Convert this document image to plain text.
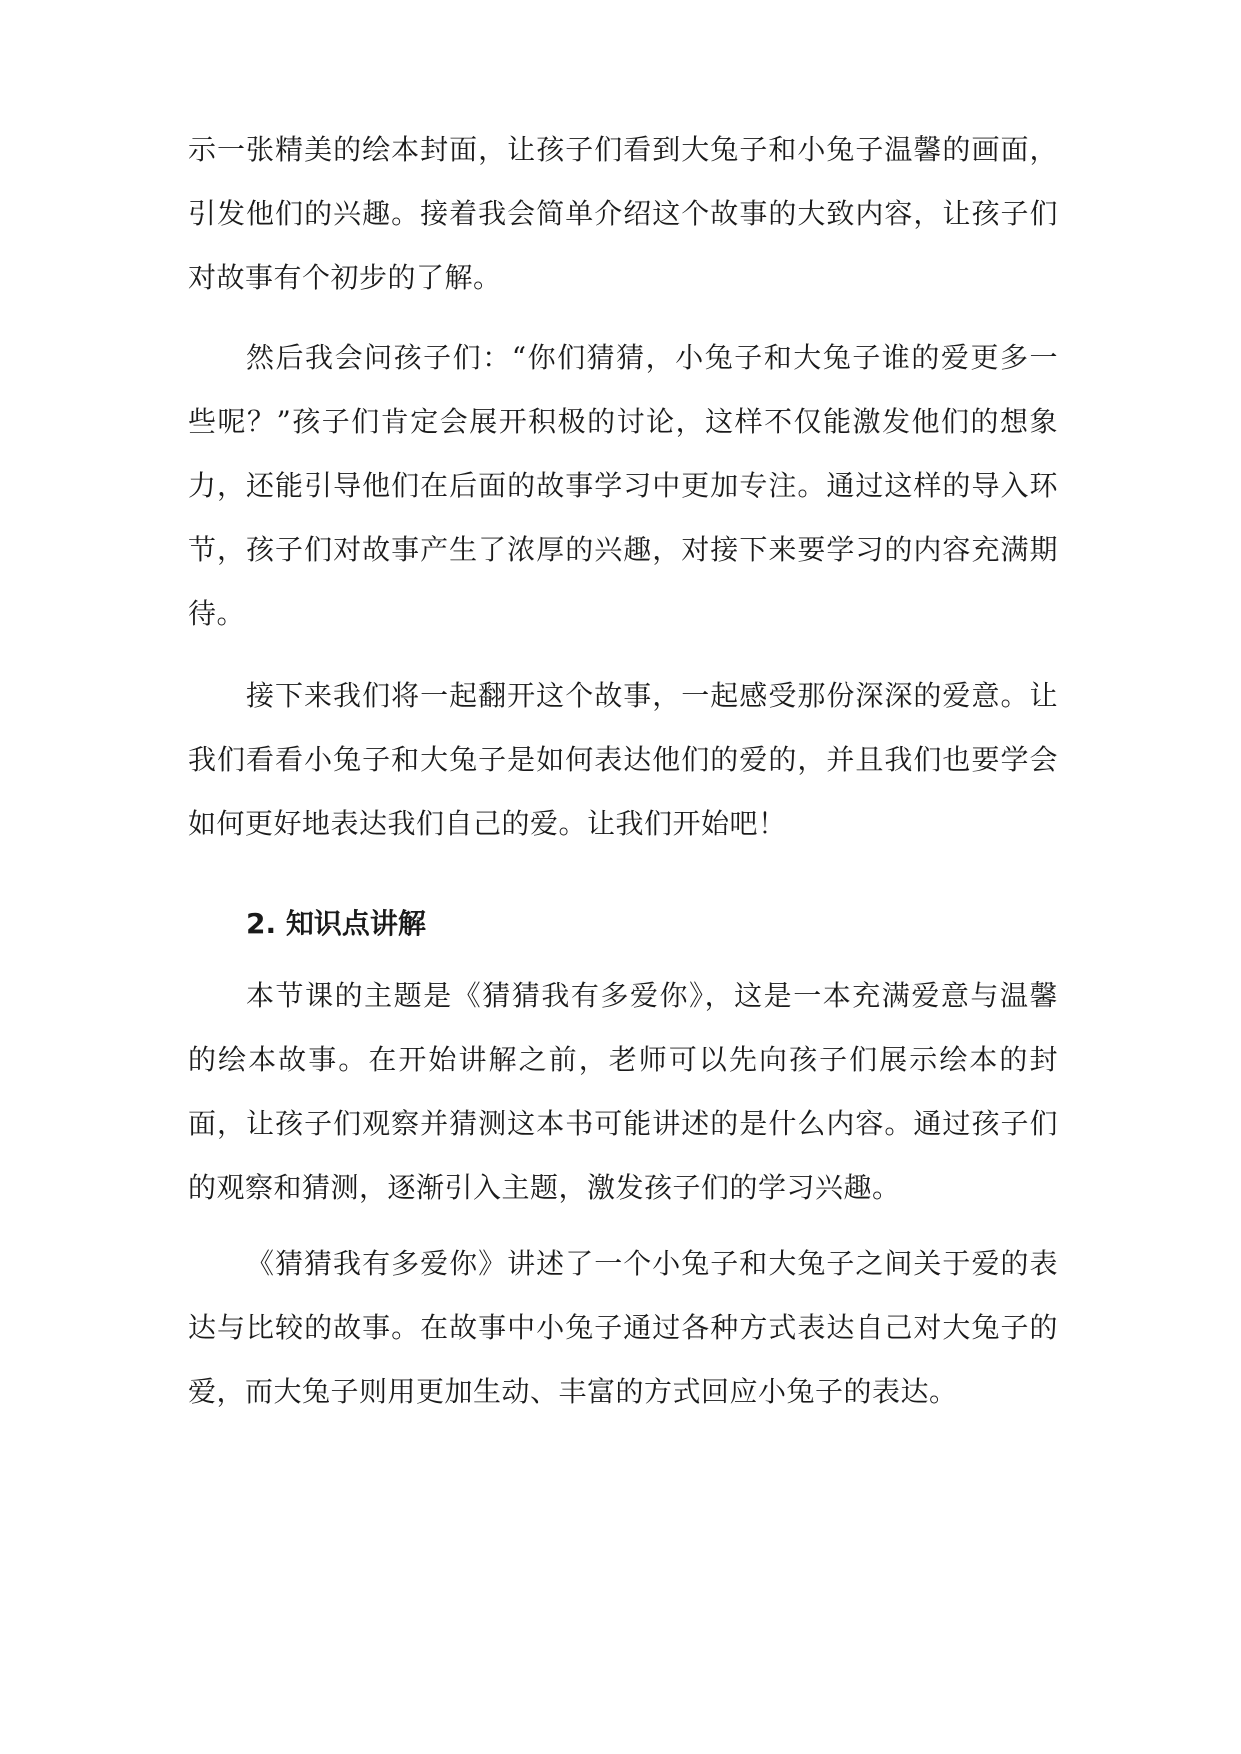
示一张精美的绘本封面，让孩子们看到大兔子和小兔子温馨的画面，引发他们的兴趣。接着我会简单介绍这个故事的大致内容，让孩子们对故事有个初步的了解。

然后我会问孩子们：“你们猜猜，小兔子和大兔子谁的爱更多一些呢？”孩子们肯定会展开积极的讨论，这样不仅能激发他们的想象力，还能引导他们在后面的故事学习中更加专注。通过这样的导入环节，孩子们对故事产生了浓厚的兴趣，对接下来要学习的内容充满期待。

接下来我们将一起翻开这个故事，一起感受那份深深的爱意。让我们看看小兔子和大兔子是如何表达他们的爱的，并且我们也要学会如何更好地表达我们自己的爱。让我们开始吧！

2. 知识点讲解

本节课的主题是《猜猜我有多爱你》，这是一本充满爱意与温馨的绘本故事。在开始讲解之前，老师可以先向孩子们展示绘本的封面，让孩子们观察并猜测这本书可能讲述的是什么内容。通过孩子们的观察和猜测，逐渐引入主题，激发孩子们的学习兴趣。

《猜猜我有多爱你》讲述了一个小兔子和大兔子之间关于爱的表达与比较的故事。在故事中小兔子通过各种方式表达自己对大兔子的爱，而大兔子则用更加生动、丰富的方式回应小兔子的表达。
